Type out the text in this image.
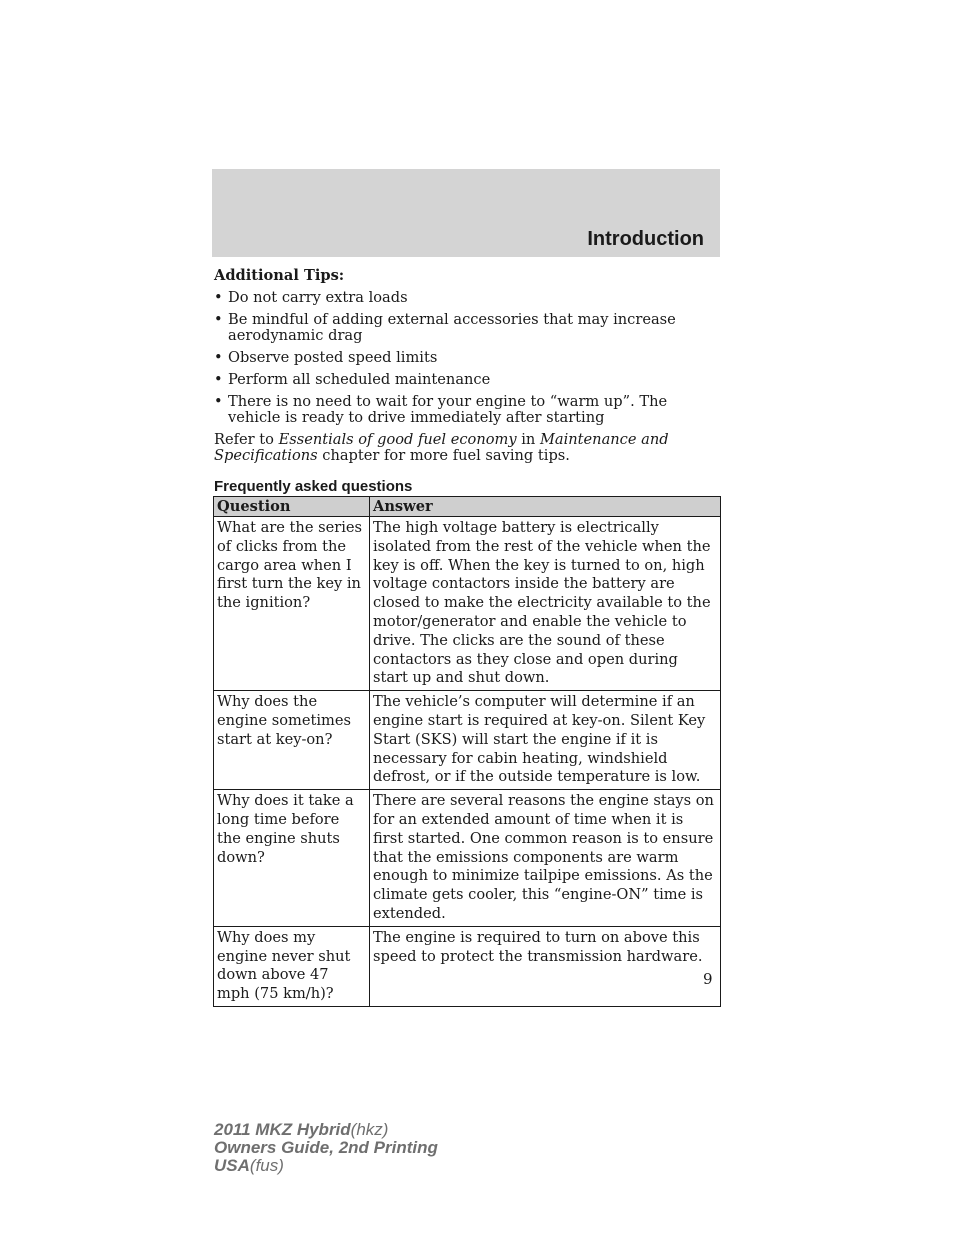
Introduction
Additional Tips:
• Do not carry extra loads
• Be mindful of adding external accessories that may increase aerodynamic drag
• Observe posted speed limits
• Perform all scheduled maintenance
• There is no need to wait for your engine to “warm up”. The vehicle is ready to drive immediately after starting
Refer to Essentials of good fuel economy in Maintenance and Specifications chapter for more fuel saving tips.
Frequently asked questions
Question	Answer
What are the series of clicks from the cargo area when I first turn the key in the ignition?	The high voltage battery is electrically isolated from the rest of the vehicle when the key is off. When the key is turned to on, high voltage contactors inside the battery are closed to make the electricity available to the motor/generator and enable the vehicle to drive. The clicks are the sound of these contactors as they close and open during start up and shut down.
Why does the engine sometimes start at key-on?	The vehicle’s computer will determine if an engine start is required at key-on. Silent Key Start (SKS) will start the engine if it is necessary for cabin heating, windshield defrost, or if the outside temperature is low.
Why does it take a long time before the engine shuts down?	There are several reasons the engine stays on for an extended amount of time when it is first started. One common reason is to ensure that the emissions components are warm enough to minimize tailpipe emissions. As the climate gets cooler, this “engine-ON” time is extended.
Why does my engine never shut down above 47 mph (75 km/h)?	The engine is required to turn on above this speed to protect the transmission hardware.
9
2011 MKZ Hybrid(hkz)
Owners Guide, 2nd Printing
USA(fus)
